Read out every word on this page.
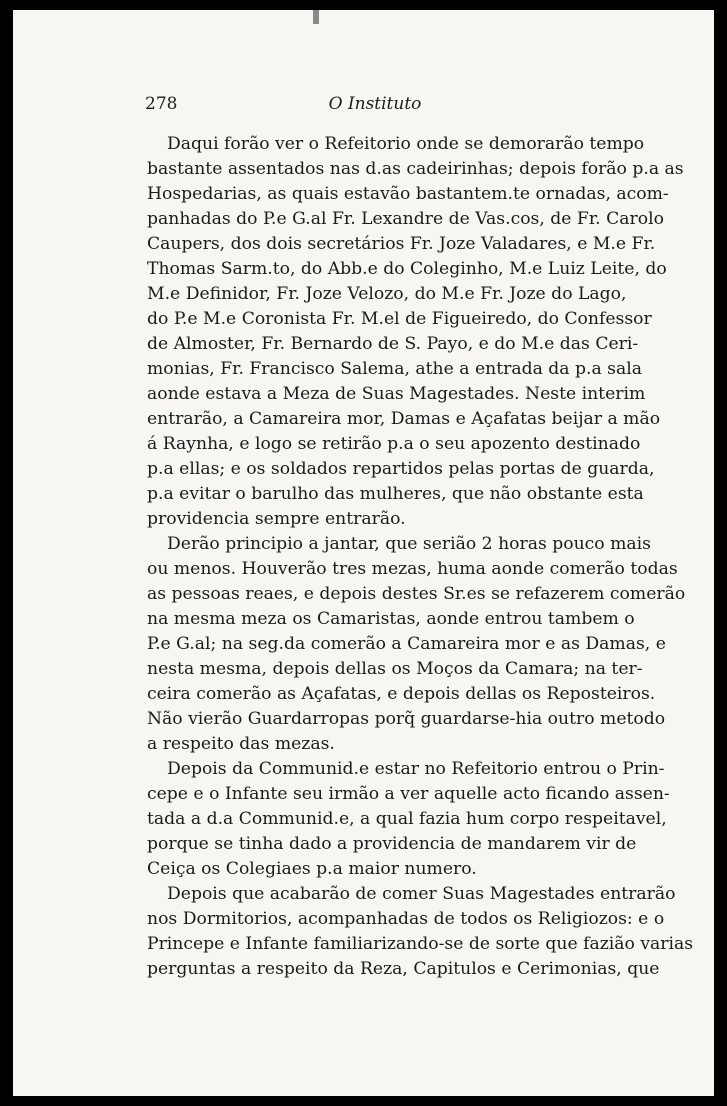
278	O Instituto
Daqui forão ver o Refeitorio onde se demorarão tempo
bastante assentados nas d.as cadeirinhas; depois forão p.a as
Hospedarias, as quais estavão bastantem.te ornadas, acom-
panhadas do P.e G.al Fr. Lexandre de Vas.cos, de Fr. Carolo
Caupers, dos dois secretários Fr. Joze Valadares, e M.e Fr.
Thomas Sarm.to, do Abb.e do Coleginho, M.e Luiz Leite, do
M.e Definidor, Fr. Joze Velozo, do M.e Fr. Joze do Lago,
do P.e M.e Coronista Fr. M.el de Figueiredo, do Confessor
de Almoster, Fr. Bernardo de S. Payo, e do M.e das Ceri-
monias, Fr. Francisco Salema, athe a entrada da p.a sala
aonde estava a Meza de Suas Magestades. Neste interim
entrarão, a Camareira mor, Damas e Açafatas beijar a mão
á Raynha, e logo se retirão p.a o seu apozento destinado
p.a ellas; e os soldados repartidos pelas portas de guarda,
p.a evitar o barulho das mulheres, que não obstante esta
providencia sempre entrarão.
Derão principio a jantar, que serião 2 horas pouco mais
ou menos. Houverão tres mezas, huma aonde comerão todas
as pessoas reaes, e depois destes Sr.es se refazerem comerão
na mesma meza os Camaristas, aonde entrou tambem o
P.e G.al; na seg.da comerão a Camareira mor e as Damas, e
nesta mesma, depois dellas os Moços da Camara; na ter-
ceira comerão as Açafatas, e depois dellas os Reposteiros.
Não vierão Guardarropas porq̃ guardarse-hia outro metodo
a respeito das mezas.
Depois da Communid.e estar no Refeitorio entrou o Prin-
cepe e o Infante seu irmão a ver aquelle acto ficando assen-
tada a d.a Communid.e, a qual fazia hum corpo respeitavel,
porque se tinha dado a providencia de mandarem vir de
Ceiça os Colegiaes p.a maior numero.
Depois que acabarão de comer Suas Magestades entrarão
nos Dormitorios, acompanhadas de todos os Religiozos: e o
Princepe e Infante familiarizando-se de sorte que fazião varias
perguntas a respeito da Reza, Capitulos e Cerimonias, que
